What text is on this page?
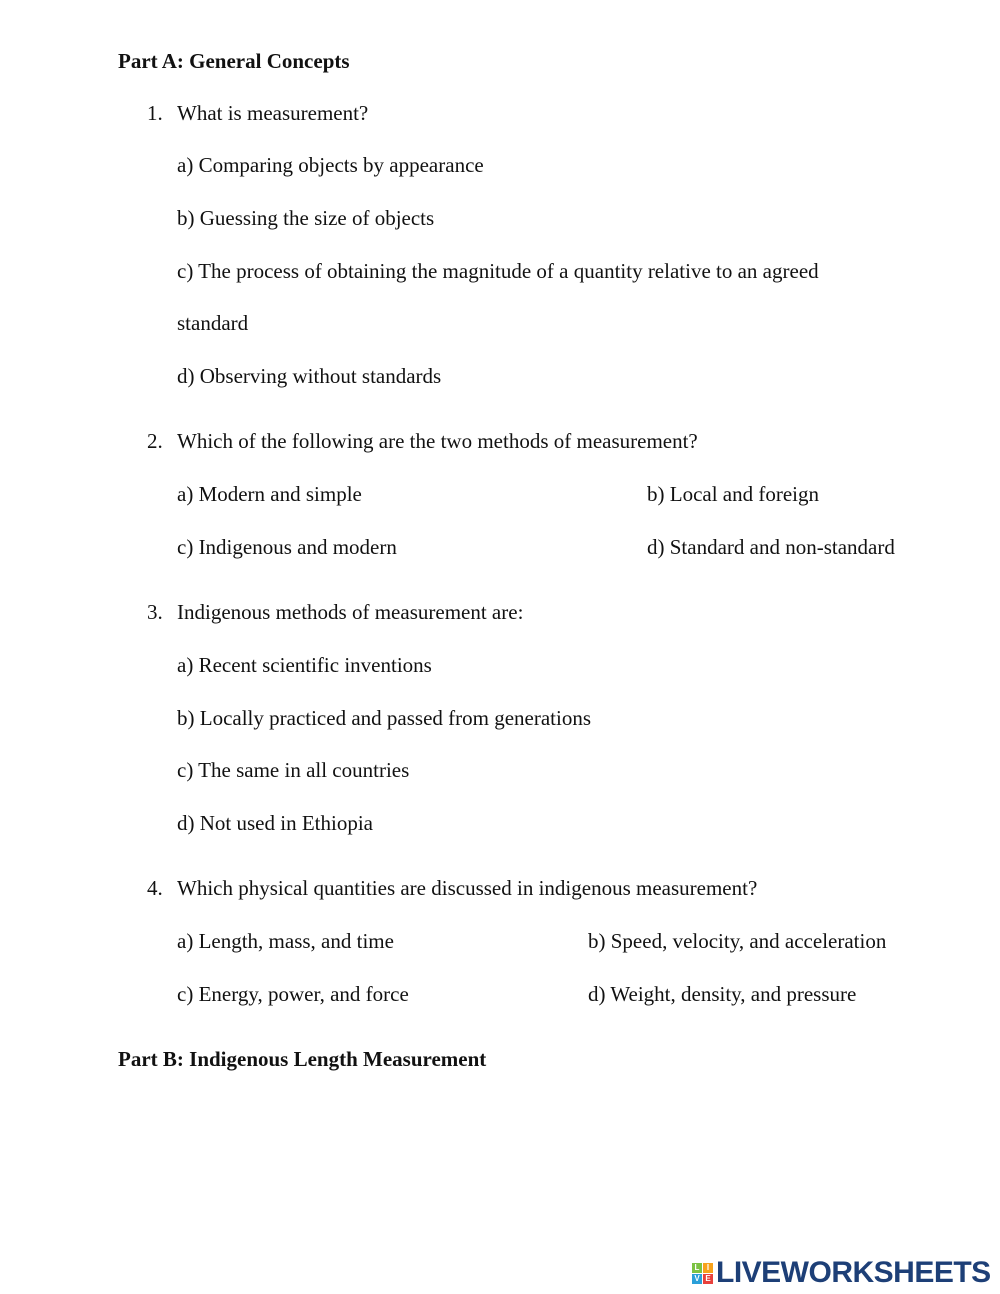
Part A: General Concepts
1. What is measurement?
a) Comparing objects by appearance
b) Guessing the size of objects
c) The process of obtaining the magnitude of a quantity relative to an agreed
standard
d) Observing without standards
2. Which of the following are the two methods of measurement?
a) Modern and simple	b) Local and foreign
c) Indigenous and modern	d) Standard and non-standard
3. Indigenous methods of measurement are:
a) Recent scientific inventions
b) Locally practiced and passed from generations
c) The same in all countries
d) Not used in Ethiopia
4. Which physical quantities are discussed in indigenous measurement?
a) Length, mass, and time	b) Speed, velocity, and acceleration
c) Energy, power, and force	d) Weight, density, and pressure
Part B: Indigenous Length Measurement
L I
V E LIVEWORKSHEETS
